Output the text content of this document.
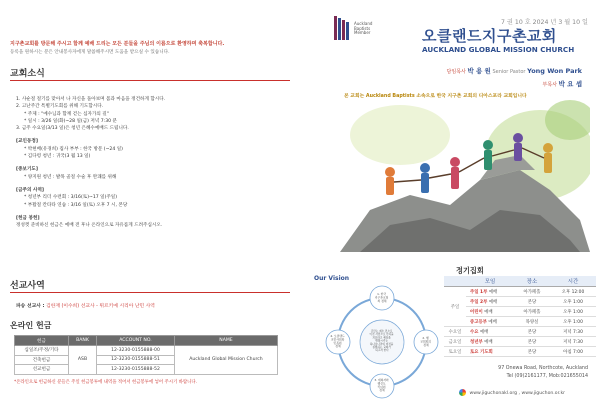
지구촌교회를 방문해 주시고 함께 예배 드리는 모든 분들을 주님의 이름으로 환영하며 축복합니다.
등록을 원하시는 분은 안내봉사자에게 말씀해주시면 도움을 받으실 수 있습니다.
교회소식
1. 사순절 절기를 맞아서 나 자신을 돌아보며 몸과 마음을 정건하게 합시다.
2. 고난주간 특별기도회를 위해 기도합시다.
* 주제 : "예수님과 함께 걷는 십자가의 길"
* 일시 : 3/26 일(화)~28 일(금) 저녁 7:30 분
3. 금주 수요일(3/13 일)은 청년 은혜수예배드 드립니다.
[교인동정]
* 박현배(유경희) 집사 부부 : 한국 방문 (~24 일)
* 김다령 청년 : 귀국(3 월 13 일)
[중보기도]
* 양지원 청년 : 발목 골절 수술 후 완쾌를 위해
[금주의 사역]
* 청년부 리더 수련회 : 3/16(토)~17 일(주일)
* 부활절 칸타타 연습 : 3/16 일(토) 오후 7 시, 본당
[헌금 봉헌]
정성껏 준비하신 헌금은 예배 전 후나 온라인으로 자유롭게 드려주십시오.
선교사역
파송 선교사 : 김한재 (이수희) 선교사 - 튀르키예 시리아 난민 사역
온라인 헌금
헌금	BANK	ACCOUNT NO.	NAME
십일조/주정/기타	ASB	12-3230-0155888-00	Auckland Global Mission Church
건축헌금		12-3230-0155888-51	
선교헌금		12-3230-0155888-52	
*온라인으로 헌금하신 분들은 주일 헌금봉투에 내역을 적어서 헌금봉투에 넣어 주시기 바랍니다.
7 권 10 호 2024 년 3 월 10 일
Auckland
Baptists
Member	오클랜드지구촌교회
AUCKLAND GLOBAL MISSION CHURCH
담임목사 박 용 원 Senior Pastor Yong Won Park
부목사 박 요 셉
본 교회는 Auckland Baptists 소속으로 한국 지구촌 교회의 디아스포라 교회입니다
Our Vision
1. 한국 지구촌교회 의 정체
2. 행 교회회의 정체
3. 재회자와 행신도 리더의 정체
4. 오클랜드 교민사회와 민족의 정체
주만는 예수 민으로 이전 사람으로 만족을 치유하고 세상을 변화시키는 하나님나라의 비전을 실현하는 교회가 되고자 한다
정기집회
	모임	장소	시간
주일	주일 1부 예배	아가페홀	오후 12:00
	주일 2부 예배	본당	오후 1:00
	어린이 예배	아가페홀	오후 1:00
	중고등부 예배	목양실	오후 1:00
수요일	수요 예배	본당	저녁 7:30
금요일	청년부 예배	본당	저녁 7:30
토요일	토요 기도회	본당	아침 7:00
97 Onewa Road, Northcote, Auckland
Tel (09)2161177, Mob:021655014
www.jiguchonakl.org , www.jiguchon.or.kr
